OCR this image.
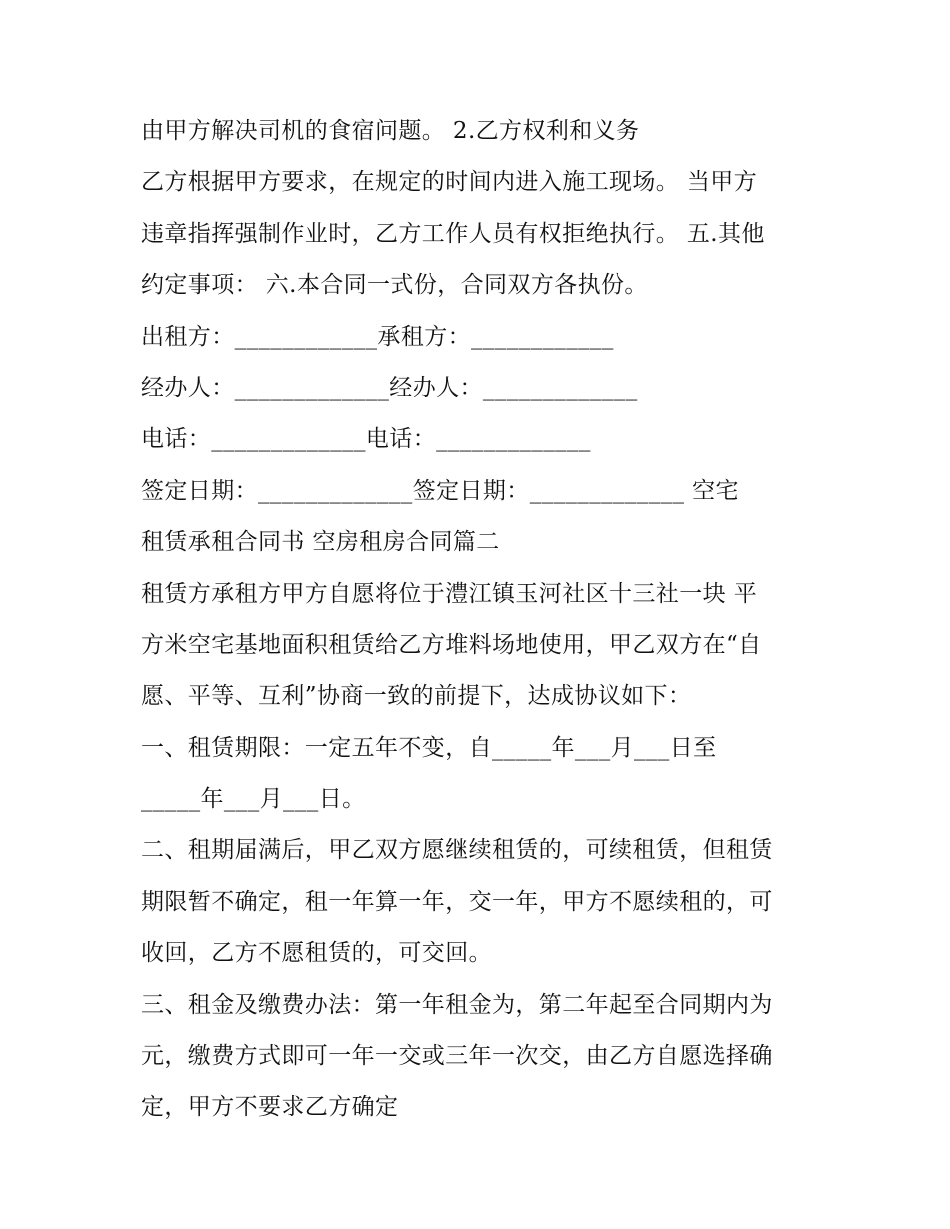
由甲方解决司机的食宿问题。 2.乙方权利和义务
乙方根据甲方要求，在规定的时间内进入施工现场。 当甲方
违章指挥强制作业时，乙方工作人员有权拒绝执行。 五.其他
约定事项： 六.本合同一式份，合同双方各执份。
出租方：____________承租方：____________
经办人：_____________经办人：_____________
电话：_____________电话：_____________
签定日期：_____________签定日期：_____________ 空宅
租赁承租合同书 空房租房合同篇二
租赁方承租方甲方自愿将位于澧江镇玉河社区十三社一块 平
方米空宅基地面积租赁给乙方堆料场地使用，甲乙双方在“自
愿、平等、互利”协商一致的前提下，达成协议如下：
一、租赁期限：一定五年不变，自_____年___月___日至
_____年___月___日。
二、租期届满后，甲乙双方愿继续租赁的，可续租赁，但租赁
期限暂不确定，租一年算一年，交一年，甲方不愿续租的，可
收回，乙方不愿租赁的，可交回。
三、租金及缴费办法：第一年租金为，第二年起至合同期内为
元，缴费方式即可一年一交或三年一次交，由乙方自愿选择确
定，甲方不要求乙方确定
